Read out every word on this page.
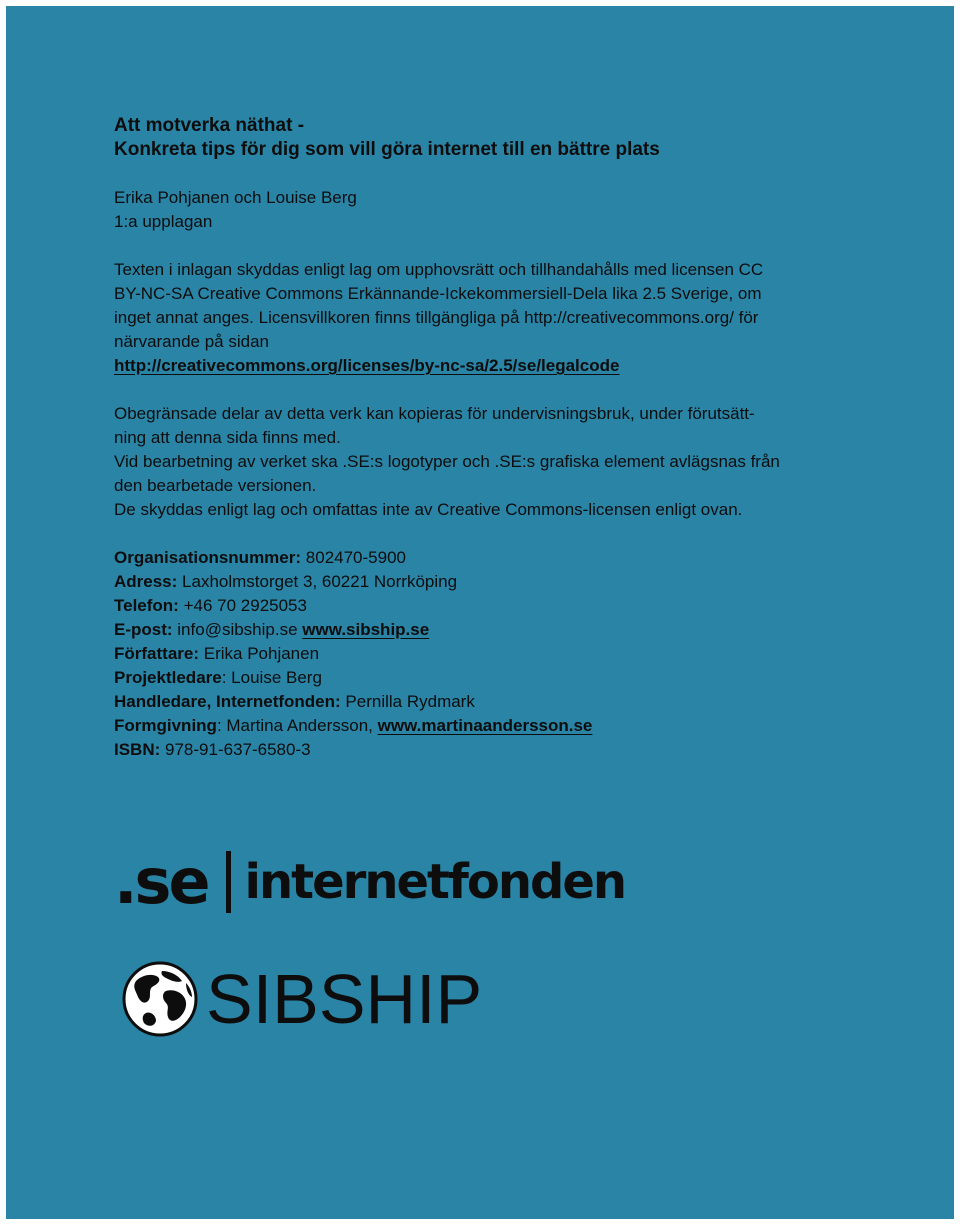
Att motverka näthat -

Konkreta tips för dig som vill göra internet till en bättre plats

Erika Pohjanen och Louise Berg

1:a upplagan

Texten i inlagan skyddas enligt lag om upphovsrätt och tillhandahålls med licensen CC

BY-NC-SA Creative Commons Erkännande-Ickekommersiell-Dela lika 2.5 Sverige, om

inget annat anges. Licensvillkoren finns tillgängliga på http://creativecommons.org/ för

närvarande på sidan

http://creativecommons.org/licenses/by-nc-sa/2.5/se/legalcode

Obegränsade delar av detta verk kan kopieras för undervisningsbruk, under förutsätt-

ning att denna sida finns med.

Vid bearbetning av verket ska .SE:s logotyper och .SE:s grafiska element avlägsnas från

den bearbetade versionen.

De skyddas enligt lag och omfattas inte av Creative Commons-licensen enligt ovan.

Organisationsnummer: 802470-5900

Adress: Laxholmstorget 3, 60221 Norrköping

Telefon: +46 70 2925053

E-post: info@sibship.se www.sibship.se

Författare: Erika Pohjanen

Projektledare: Louise Berg

Handledare, Internetfonden: Pernilla Rydmark

Formgivning: Martina Andersson, www.martinaandersson.se

ISBN: 978-91-637-6580-3

.se internetfonden
SIBSHIP
